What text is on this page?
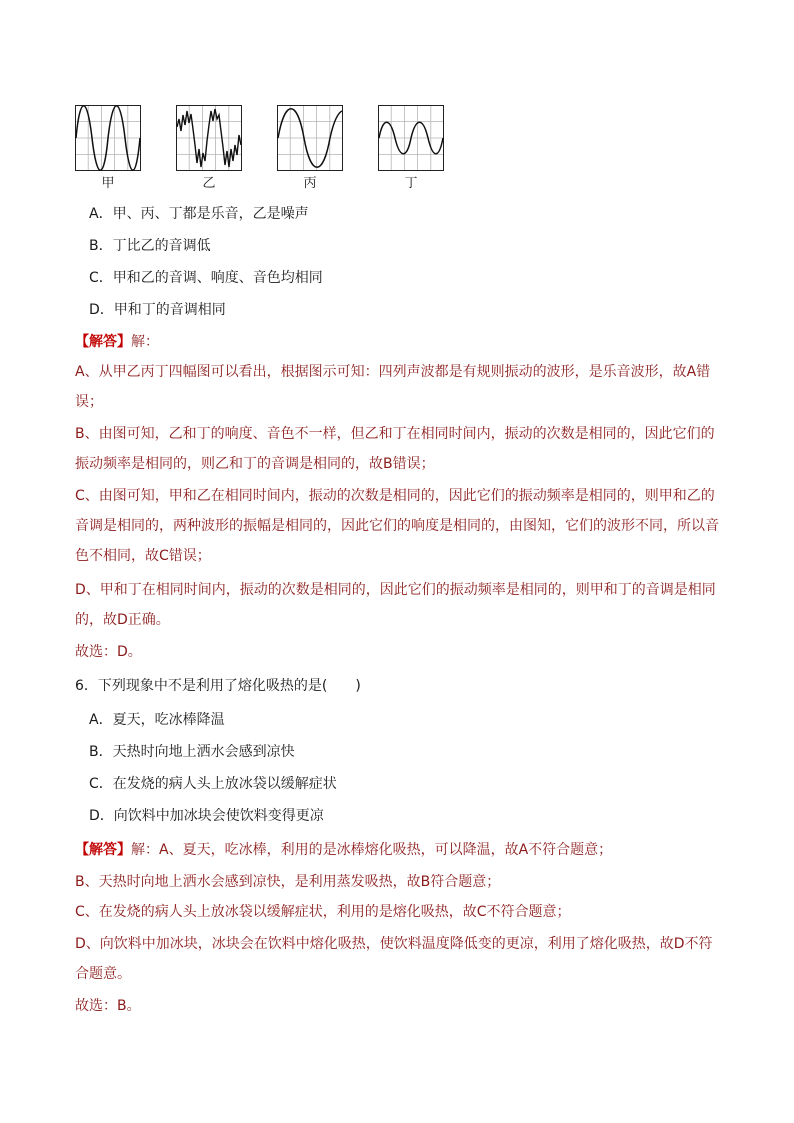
甲	乙	丙	丁
A．甲、丙、丁都是乐音，乙是噪声
B．丁比乙的音调低
C．甲和乙的音调、响度、音色均相同
D．甲和丁的音调相同
【解答】解：
A、从甲乙丙丁四幅图可以看出，根据图示可知：四列声波都是有规则振动的波形，是乐音波形，故A错
误；
B、由图可知，乙和丁的响度、音色不一样，但乙和丁在相同时间内，振动的次数是相同的，因此它们的
振动频率是相同的，则乙和丁的音调是相同的，故B错误；
C、由图可知，甲和乙在相同时间内，振动的次数是相同的，因此它们的振动频率是相同的，则甲和乙的
音调是相同的，两种波形的振幅是相同的，因此它们的响度是相同的，由图知，它们的波形不同，所以音
色不相同，故C错误；
D、甲和丁在相同时间内，振动的次数是相同的，因此它们的振动频率是相同的，则甲和丁的音调是相同
的，故D正确。
故选：D。
6．下列现象中不是利用了熔化吸热的是(　　)
A．夏天，吃冰棒降温
B．天热时向地上洒水会感到凉快
C．在发烧的病人头上放冰袋以缓解症状
D．向饮料中加冰块会使饮料变得更凉
【解答】解：A、夏天，吃冰棒，利用的是冰棒熔化吸热，可以降温，故A不符合题意；
B、天热时向地上洒水会感到凉快，是利用蒸发吸热，故B符合题意；
C、在发烧的病人头上放冰袋以缓解症状，利用的是熔化吸热，故C不符合题意；
D、向饮料中加冰块，冰块会在饮料中熔化吸热，使饮料温度降低变的更凉，利用了熔化吸热，故D不符
合题意。
故选：B。
